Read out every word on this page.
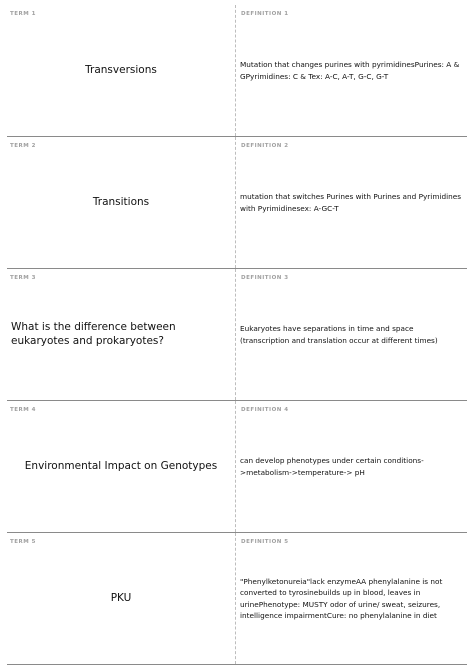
TERM 1
Transversions
DEFINITION 1
Mutation that changes purines with pyrimidinesPurines: A & GPyrimidines: C & Tex: A-C, A-T, G-C, G-T
TERM 2
Transitions
DEFINITION 2
mutation that switches Purines with Purines and Pyrimidines with Pyrimidinesex: A-GC-T
TERM 3
What is the difference between eukaryotes and prokaryotes?
DEFINITION 3
Eukaryotes have separations in time and space (transcription and translation occur at different times)
TERM 4
Environmental Impact on Genotypes
DEFINITION 4
can develop phenotypes under certain conditions->metabolism->temperature-> pH
TERM 5
PKU
DEFINITION 5
"Phenylketonureia"lack enzymeAA phenylalanine is not converted to tyrosinebuilds up in blood, leaves in urinePhenotype: MUSTY odor of urine/ sweat, seizures, intelligence impairmentCure: no phenylalanine in diet
